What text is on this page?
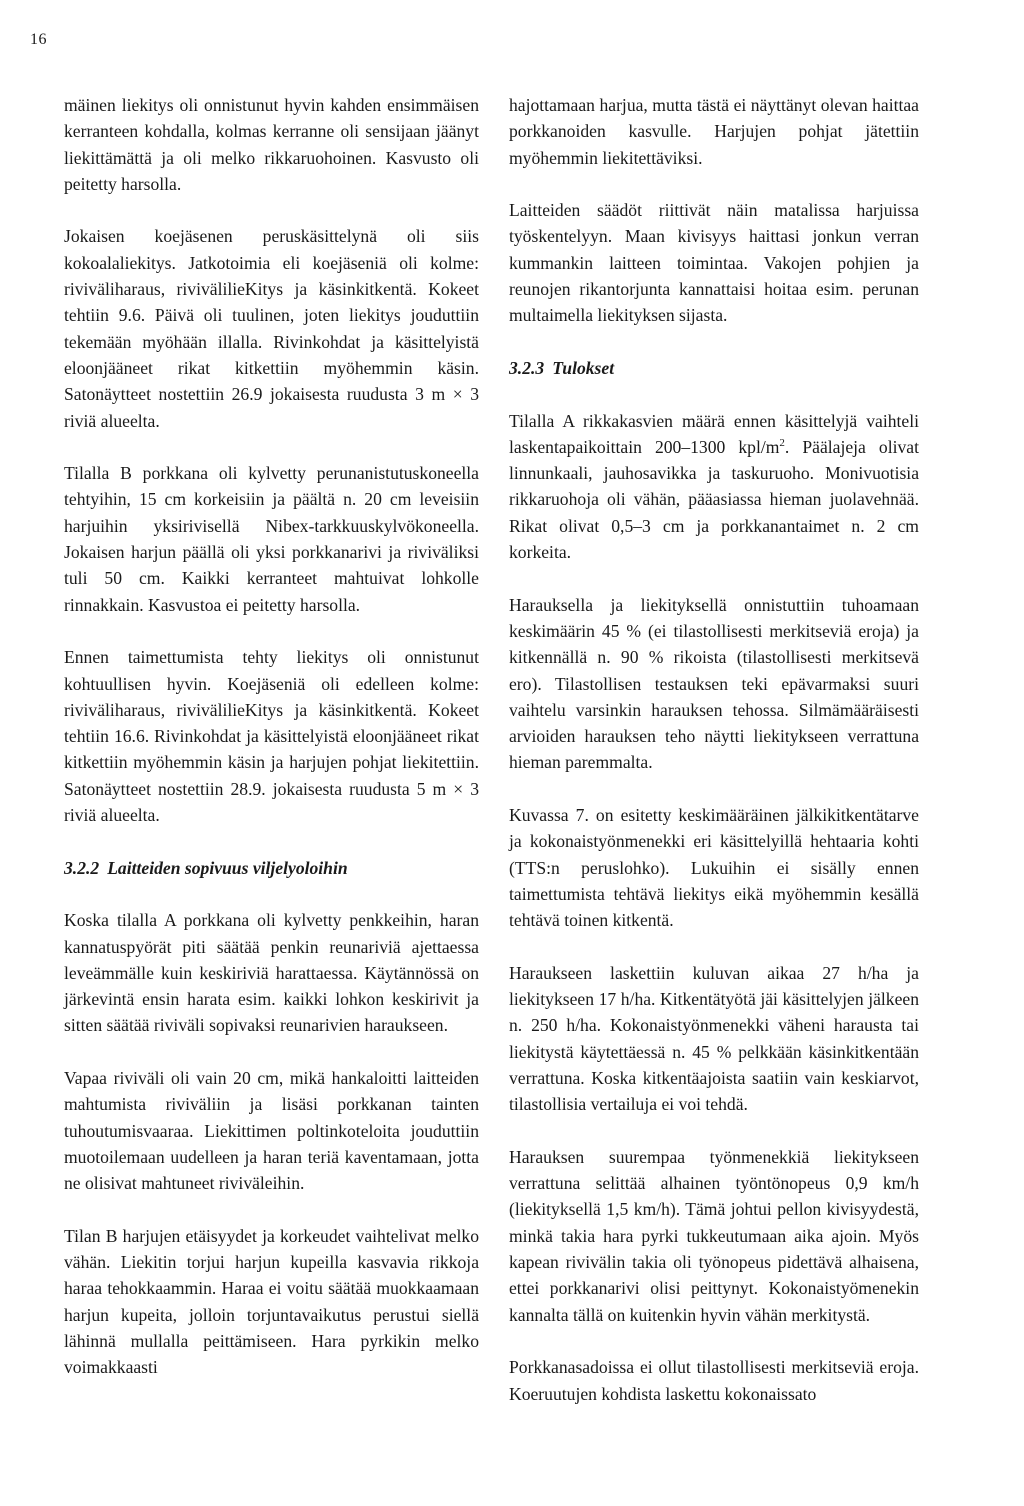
16

mäinen liekitys oli onnistunut hyvin kahden ensimmäisen kerranteen kohdalla, kolmas kerranne oli sensijaan jäänyt liekittämättä ja oli melko rikkaruohoinen. Kasvusto oli peitetty harsolla.

Jokaisen koejäsenen peruskäsittelynä oli siis kokoalaliekitys. Jatkotoimia eli koejäseniä oli kolme: riviväliharaus, rivivälilieKitys ja käsinkitkentä. Kokeet tehtiin 9.6. Päivä oli tuulinen, joten liekitys jouduttiin tekemään myöhään illalla. Rivinkohdat ja käsittelyistä eloonjääneet rikat kitkettiin myöhemmin käsin. Satonäytteet nostettiin 26.9 jokaisesta ruudusta 3 m × 3 riviä alueelta.

Tilalla B porkkana oli kylvetty perunanistutuskoneella tehtyihin, 15 cm korkeisiin ja päältä n. 20 cm leveisiin harjuihin yksirivisellä Nibex-tarkkuuskylvökoneella. Jokaisen harjun päällä oli yksi porkkanarivi ja riviväliksi tuli 50 cm. Kaikki kerranteet mahtuivat lohkolle rinnakkain. Kasvustoa ei peitetty harsolla.

Ennen taimettumista tehty liekitys oli onnistunut kohtuullisen hyvin. Koejäseniä oli edelleen kolme: riviväliharaus, rivivälilieKitys ja käsinkitkentä. Kokeet tehtiin 16.6. Rivinkohdat ja käsittelyistä eloonjääneet rikat kitkettiin myöhemmin käsin ja harjujen pohjat liekitettiin. Satonäytteet nostettiin 28.9. jokaisesta ruudusta 5 m × 3 riviä alueelta.

3.2.2 Laitteiden sopivuus viljelyoloihin

Koska tilalla A porkkana oli kylvetty penkkeihin, haran kannatuspyörät piti säätää penkin reunariviä ajettaessa leveämmälle kuin keskiriviä harattaessa. Käytännössä on järkevintä ensin harata esim. kaikki lohkon keskirivit ja sitten säätää riviväli sopivaksi reunarivien haraukseen.

Vapaa riviväli oli vain 20 cm, mikä hankaloitti laitteiden mahtumista riviväliin ja lisäsi porkkanan tainten tuhoutumisvaaraa. Liekittimen poltinkoteloita jouduttiin muotoilemaan uudelleen ja haran teriä kaventamaan, jotta ne olisivat mahtuneet riviväleihin.

Tilan B harjujen etäisyydet ja korkeudet vaihtelivat melko vähän. Liekitin torjui harjun kupeilla kasvavia rikkoja haraa tehokkaammin. Haraa ei voitu säätää muokkaamaan harjun kupeita, jolloin torjuntavaikutus perustui siellä lähinnä mullalla peittämiseen. Hara pyrkikin melko voimakkaasti

hajottamaan harjua, mutta tästä ei näyttänyt olevan haittaa porkkanoiden kasvulle. Harjujen pohjat jätettiin myöhemmin liekitettäviksi.

Laitteiden säädöt riittivät näin matalissa harjuissa työskentelyyn. Maan kivisyys haittasi jonkun verran kummankin laitteen toimintaa. Vakojen pohjien ja reunojen rikantorjunta kannattaisi hoitaa esim. perunan multaimella liekityksen sijasta.

3.2.3 Tulokset

Tilalla A rikkakasvien määrä ennen käsittelyjä vaihteli laskentapaikoittain 200–1300 kpl/$m^2$. Päälajeja olivat linnunkaali, jauhosavikka ja taskuruoho. Monivuotisia rikkaruohoja oli vähän, pääasiassa hieman juolavehnää. Rikat olivat 0,5–3 cm ja porkkanantaimet n. 2 cm korkeita.

Harauksella ja liekityksellä onnistuttiin tuhoamaan keskimäärin 45 % (ei tilastollisesti merkitseviä eroja) ja kitkennällä n. 90 % rikoista (tilastollisesti merkitsevä ero). Tilastollisen testauksen teki epävarmaksi suuri vaihtelu varsinkin harauksen tehossa. Silmämääräisesti arvioiden harauksen teho näytti liekitykseen verrattuna hieman paremmalta.

Kuvassa 7. on esitetty keskimääräinen jälkikitkentätarve ja kokonaistyönmenekki eri käsittelyillä hehtaaria kohti (TTS:n peruslohko). Lukuihin ei sisälly ennen taimettumista tehtävä liekitys eikä myöhemmin kesällä tehtävä toinen kitkentä.

Haraukseen laskettiin kuluvan aikaa 27 h/ha ja liekitykseen 17 h/ha. Kitkentätyötä jäi käsittelyjen jälkeen n. 250 h/ha. Kokonaistyönmenekki väheni harausta tai liekitystä käytettäessä n. 45 % pelkkään käsinkitkentään verrattuna. Koska kitkentäajoista saatiin vain keskiarvot, tilastollisia vertailuja ei voi tehdä.

Harauksen suurempaa työnmenekkiä liekitykseen verrattuna selittää alhainen työntönopeus 0,9 km/h (liekityksellä 1,5 km/h). Tämä johtui pellon kivisyydestä, minkä takia hara pyrki tukkeutumaan aika ajoin. Myös kapean rivivälin takia oli työnopeus pidettävä alhaisena, ettei porkkanarivi olisi peittynyt. Kokonaistyömenekin kannalta tällä on kuitenkin hyvin vähän merkitystä.

Porkkanasadoissa ei ollut tilastollisesti merkitseviä eroja. Koeruutujen kohdista laskettu kokonaissato
